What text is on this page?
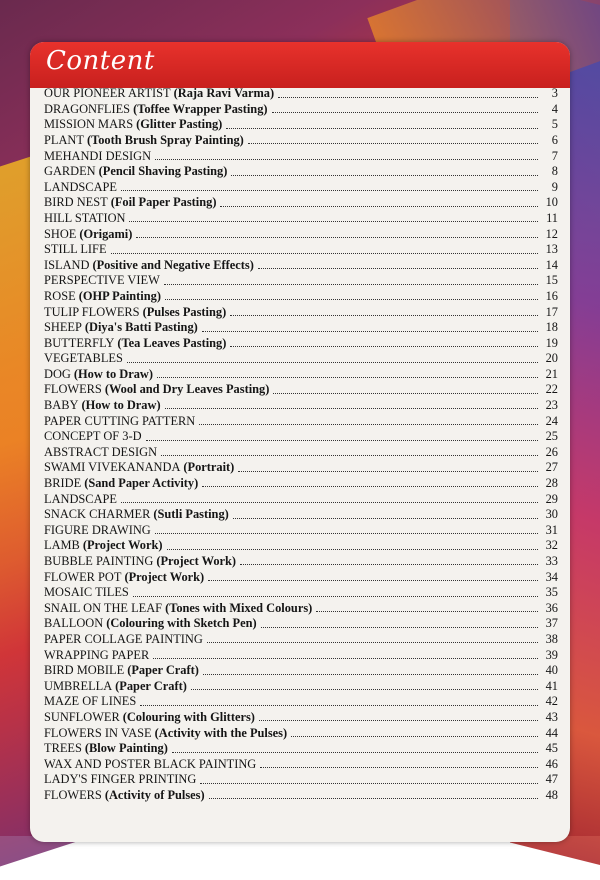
Content
OUR PIONEER ARTIST (Raja Ravi Varma)	3
DRAGONFLIES (Toffee Wrapper Pasting)	4
MISSION MARS (Glitter Pasting)	5
PLANT (Tooth Brush Spray Painting)	6
MEHANDI DESIGN	7
GARDEN (Pencil Shaving Pasting)	8
LANDSCAPE	9
BIRD NEST (Foil Paper Pasting)	10
HILL STATION	11
SHOE (Origami)	12
STILL LIFE	13
ISLAND (Positive and Negative Effects)	14
PERSPECTIVE VIEW	15
ROSE (OHP Painting)	16
TULIP FLOWERS (Pulses Pasting)	17
SHEEP (Diya's Batti Pasting)	18
BUTTERFLY (Tea Leaves Pasting)	19
VEGETABLES	20
DOG (How to Draw)	21
FLOWERS (Wool and Dry Leaves Pasting)	22
BABY (How to Draw)	23
PAPER CUTTING PATTERN	24
CONCEPT OF 3-D	25
ABSTRACT DESIGN	26
SWAMI VIVEKANANDA (Portrait)	27
BRIDE (Sand Paper Activity)	28
LANDSCAPE	29
SNACK CHARMER (Sutli Pasting)	30
FIGURE DRAWING	31
LAMB (Project Work)	32
BUBBLE PAINTING (Project Work)	33
FLOWER POT (Project Work)	34
MOSAIC TILES	35
SNAIL ON THE LEAF (Tones with Mixed Colours)	36
BALLOON (Colouring with Sketch Pen)	37
PAPER COLLAGE PAINTING	38
WRAPPING PAPER	39
BIRD MOBILE (Paper Craft)	40
UMBRELLA (Paper Craft)	41
MAZE OF LINES	42
SUNFLOWER (Colouring with Glitters)	43
FLOWERS IN VASE (Activity with the Pulses)	44
TREES (Blow Painting)	45
WAX AND POSTER BLACK PAINTING	46
LADY'S FINGER PRINTING	47
FLOWERS (Activity of Pulses)	48
